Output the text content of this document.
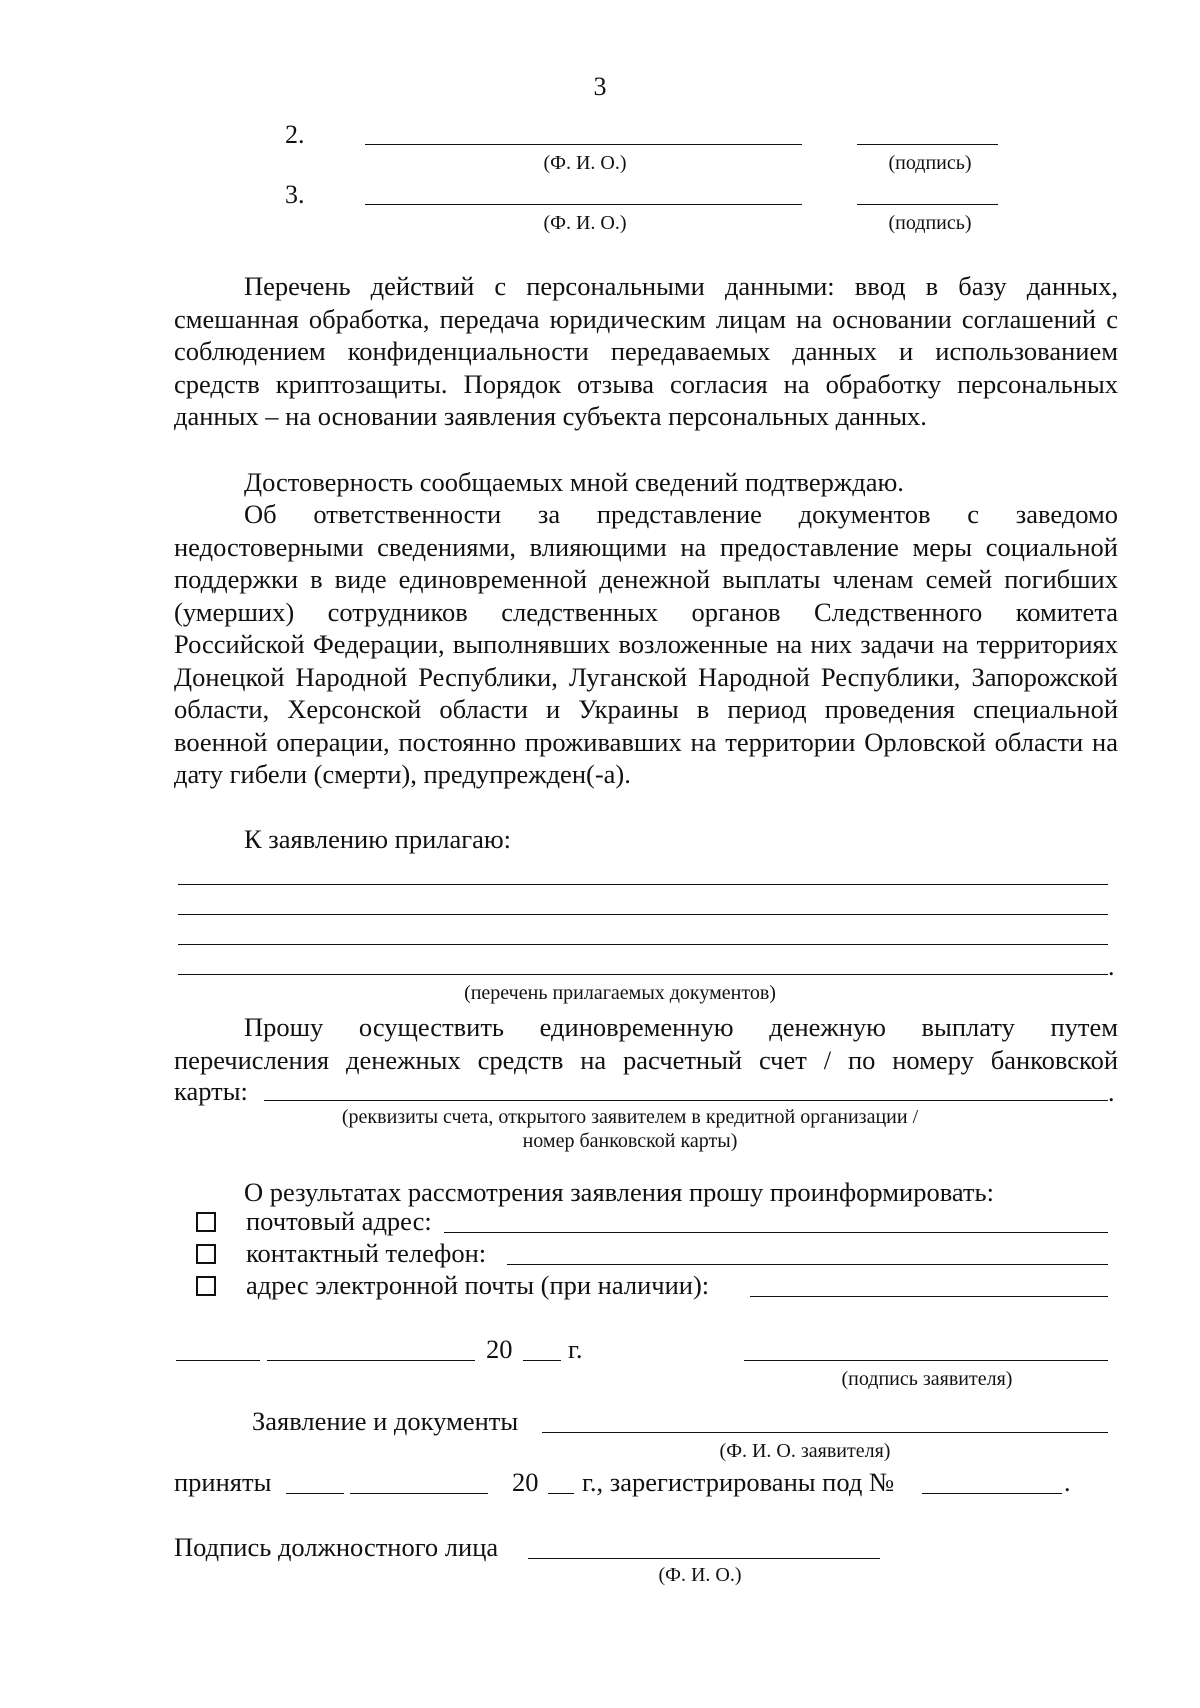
3
2.
(Ф. И. О.)	(подпись)
3.
(Ф. И. О.)	(подпись)
Перечень действий с персональными данными: ввод в базу данных, смешанная обработка, передача юридическим лицам на основании соглашений с соблюдением конфиденциальности передаваемых данных и использованием средств криптозащиты. Порядок отзыва согласия на обработку персональных данных – на основании заявления субъекта персональных данных.
Достоверность сообщаемых мной сведений подтверждаю.
Об ответственности за представление документов с заведомо недостоверными сведениями, влияющими на предоставление меры социальной поддержки в виде единовременной денежной выплаты членам семей погибших (умерших) сотрудников следственных органов Следственного комитета Российской Федерации, выполнявших возложенные на них задачи на территориях Донецкой Народной Республики, Луганской Народной Республики, Запорожской области, Херсонской области и Украины в период проведения специальной военной операции, постоянно проживавших на территории Орловской области на дату гибели (смерти), предупрежден(-а).
К заявлению прилагаю:
.
(перечень прилагаемых документов)
Прошу осуществить единовременную денежную выплату путем перечисления денежных средств на расчетный счет / по номеру банковской
карты:	.
(реквизиты счета, открытого заявителем в кредитной организации /
номер банковской карты)
О результатах рассмотрения заявления прошу проинформировать:
почтовый адрес:
контактный телефон:
адрес электронной почты (при наличии):
20 г.
(подпись заявителя)
Заявление и документы
(Ф. И. О. заявителя)
приняты	20 г., зарегистрированы под №	.
Подпись должностного лица
(Ф. И. О.)
